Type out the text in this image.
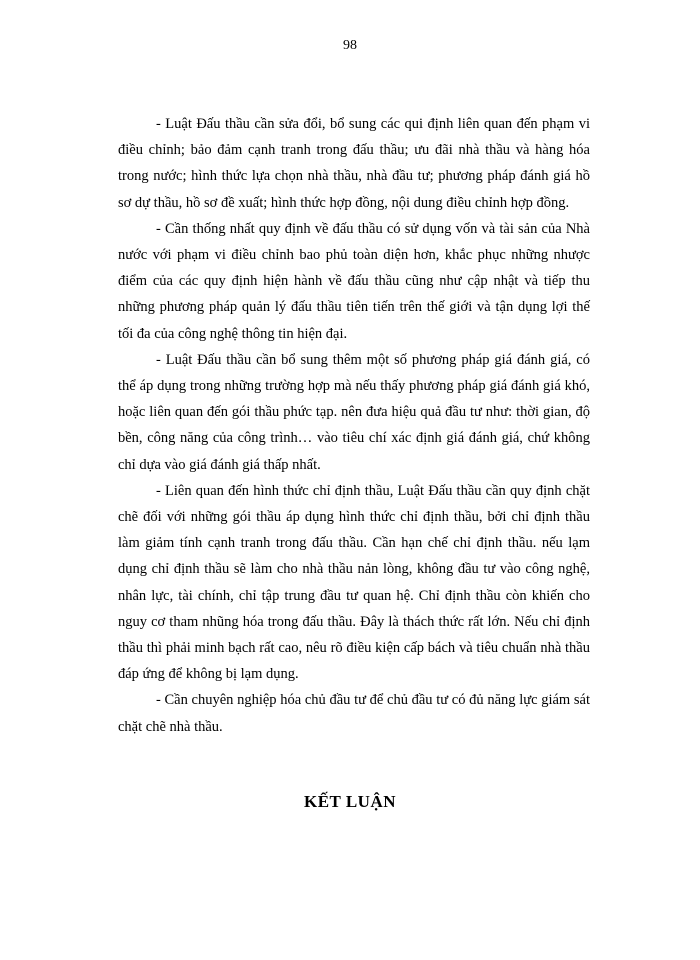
98

- Luật Đấu thầu cần sửa đổi, bổ sung các qui định liên quan đến phạm vi điều chỉnh; bảo đảm cạnh tranh trong đấu thầu; ưu đãi nhà thầu và hàng hóa trong nước; hình thức lựa chọn nhà thầu, nhà đầu tư; phương pháp đánh giá hồ sơ dự thầu, hồ sơ đề xuất; hình thức hợp đồng, nội dung điều chỉnh hợp đồng.

- Cần thống nhất quy định về đấu thầu có sử dụng vốn và tài sản của Nhà nước với phạm vi điều chỉnh bao phủ toàn diện hơn, khắc phục những nhược điểm của các quy định hiện hành về đấu thầu cũng như cập nhật và tiếp thu những phương pháp quản lý đấu thầu tiên tiến trên thế giới và tận dụng lợi thế tối đa của công nghệ thông tin hiện đại.

- Luật Đấu thầu cần bổ sung thêm một số phương pháp giá đánh giá, có thể áp dụng trong những trường hợp mà nếu thấy phương pháp giá đánh giá khó, hoặc liên quan đến gói thầu phức tạp. nên đưa hiệu quả đầu tư như: thời gian, độ bền, công năng của công trình… vào tiêu chí xác định giá đánh giá, chứ không chỉ dựa vào giá đánh giá thấp nhất.

- Liên quan đến hình thức chỉ định thầu, Luật Đấu thầu cần quy định chặt chẽ đối với những gói thầu áp dụng hình thức chỉ định thầu, bởi chỉ định thầu làm giảm tính cạnh tranh trong đấu thầu. Cần hạn chế chỉ định thầu. nếu lạm dụng chỉ định thầu sẽ làm cho nhà thầu nản lòng, không đầu tư vào công nghệ, nhân lực, tài chính, chỉ tập trung đầu tư quan hệ. Chỉ định thầu còn khiến cho nguy cơ tham nhũng hóa trong đấu thầu. Đây là thách thức rất lớn. Nếu chỉ định thầu thì phải minh bạch rất cao, nêu rõ điều kiện cấp bách và tiêu chuẩn nhà thầu đáp ứng để không bị lạm dụng.

- Cần chuyên nghiệp hóa chủ đầu tư để chủ đầu tư có đủ năng lực giám sát chặt chẽ nhà thầu.

KẾT LUẬN
